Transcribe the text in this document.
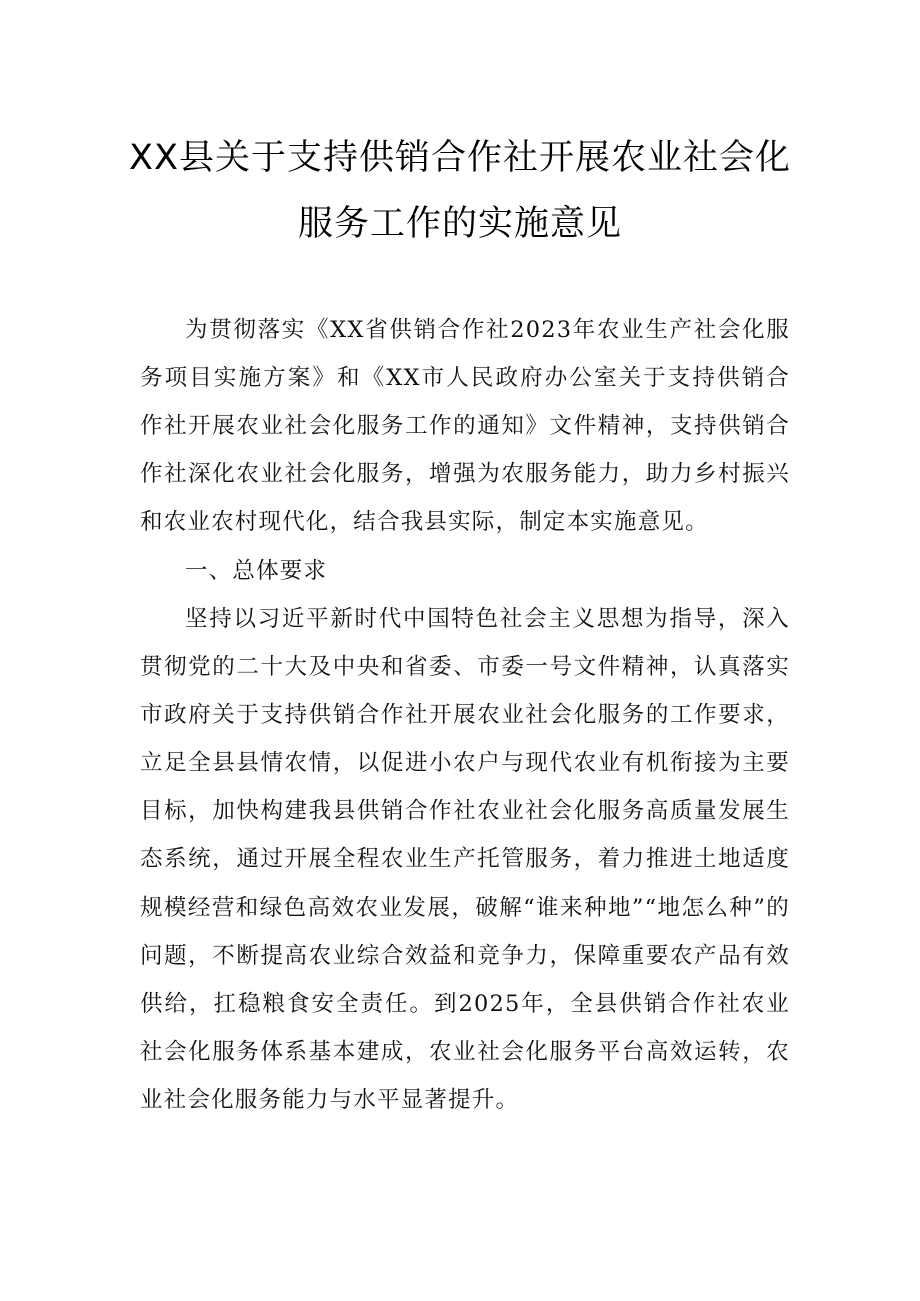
XX县关于支持供销合作社开展农业社会化
服务工作的实施意见

为贯彻落实《XX省供销合作社2023年农业生产社会化服务项目实施方案》和《XX市人民政府办公室关于支持供销合作社开展农业社会化服务工作的通知》文件精神，支持供销合作社深化农业社会化服务，增强为农服务能力，助力乡村振兴和农业农村现代化，结合我县实际，制定本实施意见。

一、总体要求

坚持以习近平新时代中国特色社会主义思想为指导，深入贯彻党的二十大及中央和省委、市委一号文件精神，认真落实市政府关于支持供销合作社开展农业社会化服务的工作要求，立足全县县情农情，以促进小农户与现代农业有机衔接为主要目标，加快构建我县供销合作社农业社会化服务高质量发展生态系统，通过开展全程农业生产托管服务，着力推进土地适度规模经营和绿色高效农业发展，破解“谁来种地”“地怎么种”的问题，不断提高农业综合效益和竞争力，保障重要农产品有效供给，扛稳粮食安全责任。到2025年，全县供销合作社农业社会化服务体系基本建成，农业社会化服务平台高效运转，农业社会化服务能力与水平显著提升。
